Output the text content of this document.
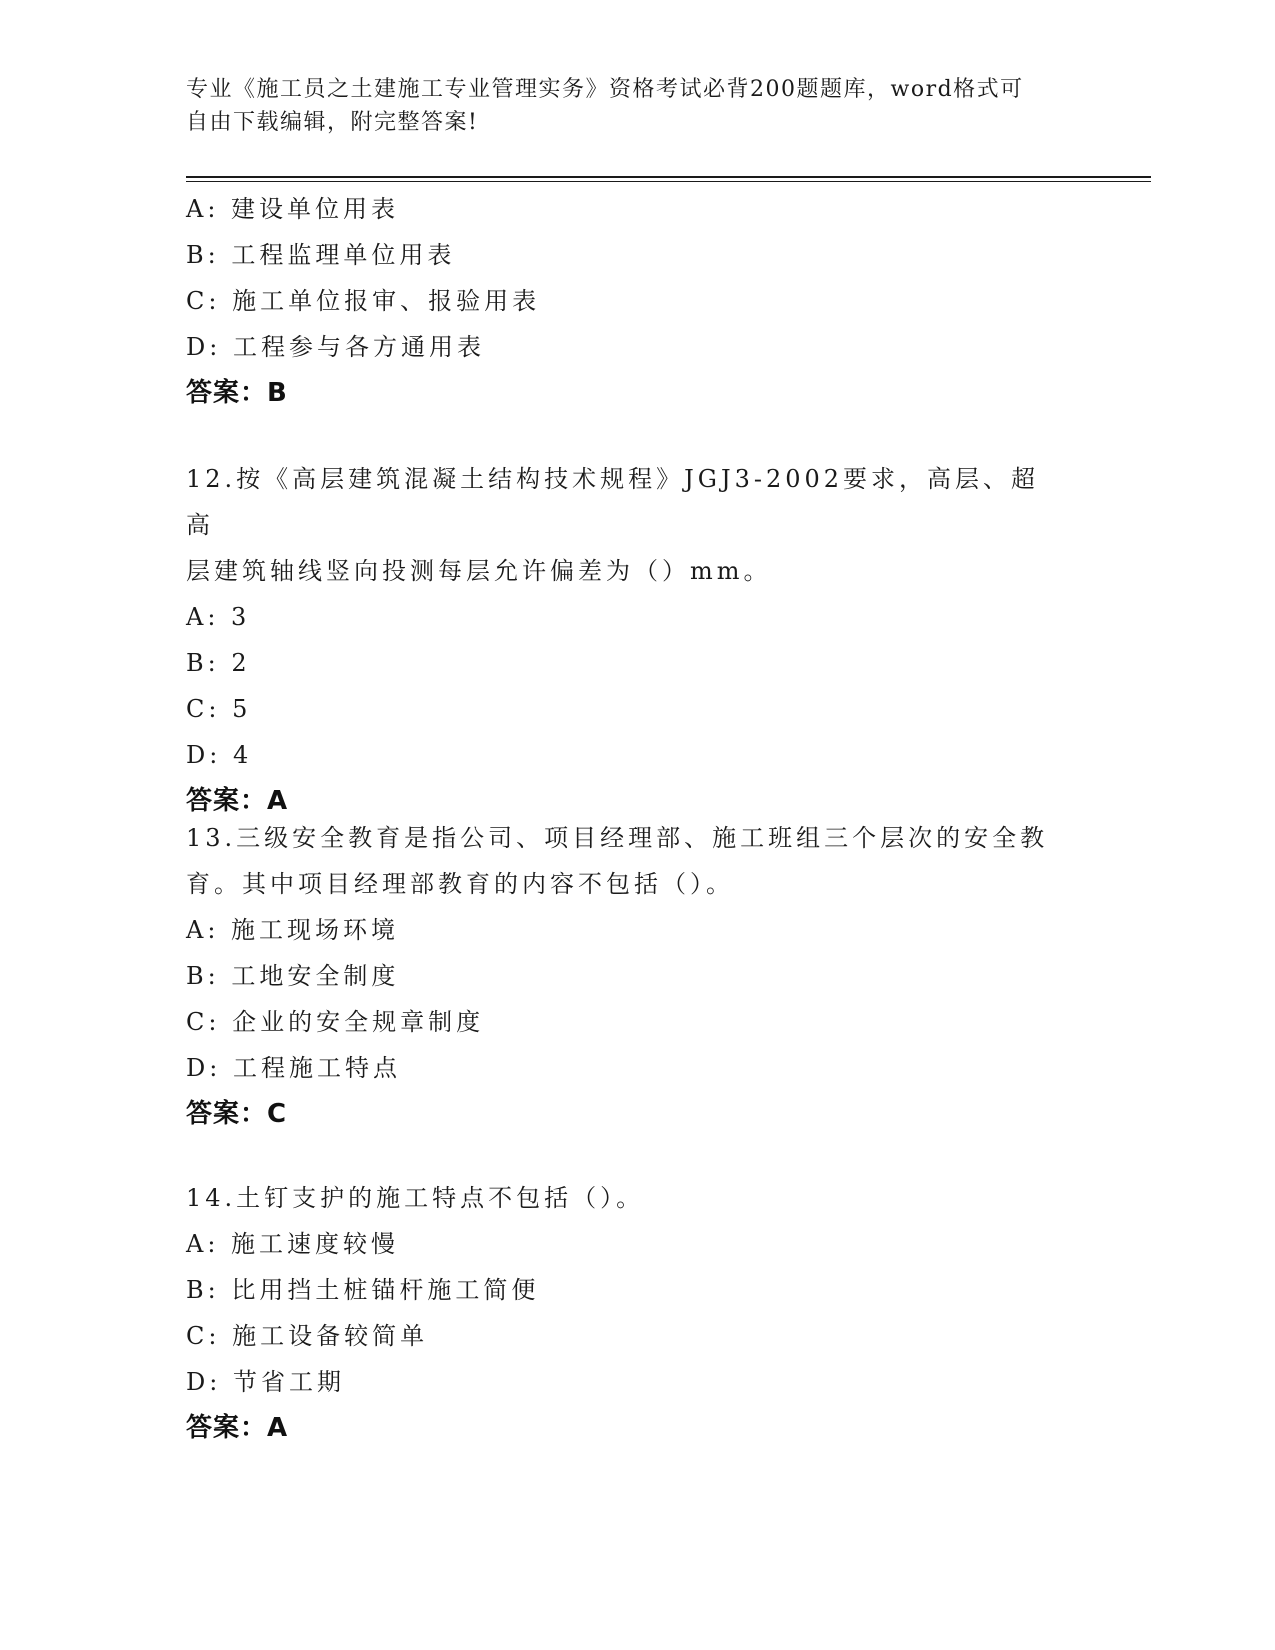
专业《施工员之土建施工专业管理实务》资格考试必背200题题库，word格式可
自由下载编辑，附完整答案!
A: 建设单位用表
B: 工程监理单位用表
C: 施工单位报审、报验用表
D: 工程参与各方通用表
答案：B
12.按《高层建筑混凝土结构技术规程》JGJ3-2002要求，高层、超高
层建筑轴线竖向投测每层允许偏差为（）mm。
A: 3
B: 2
C: 5
D: 4
答案：A
13.三级安全教育是指公司、项目经理部、施工班组三个层次的安全教
育。其中项目经理部教育的内容不包括（）。
A: 施工现场环境
B: 工地安全制度
C: 企业的安全规章制度
D: 工程施工特点
答案：C
14.土钉支护的施工特点不包括（）。
A: 施工速度较慢
B: 比用挡土桩锚杆施工简便
C: 施工设备较简单
D: 节省工期
答案：A
